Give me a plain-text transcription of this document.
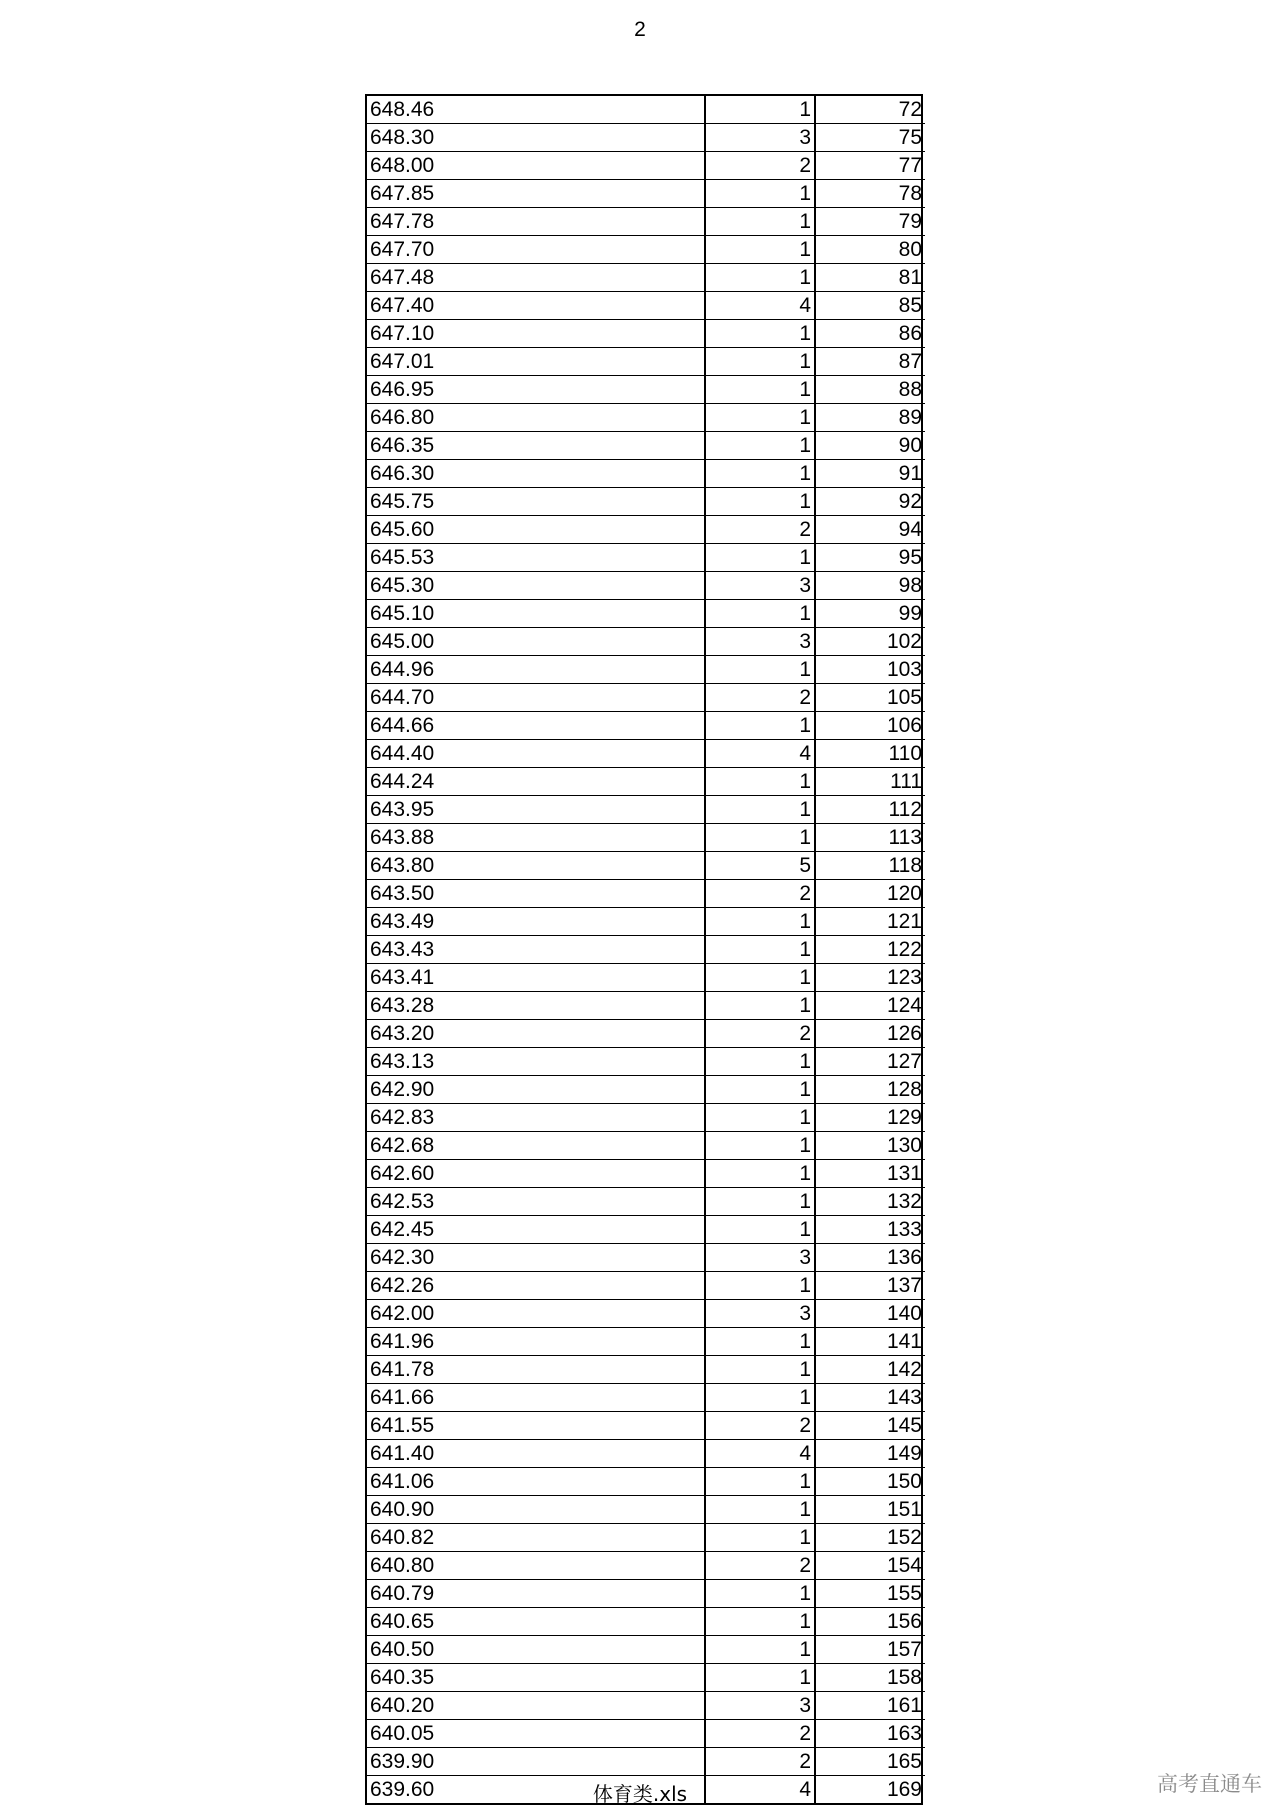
2
648.46	1	72
648.30	3	75
648.00	2	77
647.85	1	78
647.78	1	79
647.70	1	80
647.48	1	81
647.40	4	85
647.10	1	86
647.01	1	87
646.95	1	88
646.80	1	89
646.35	1	90
646.30	1	91
645.75	1	92
645.60	2	94
645.53	1	95
645.30	3	98
645.10	1	99
645.00	3	102
644.96	1	103
644.70	2	105
644.66	1	106
644.40	4	110
644.24	1	111
643.95	1	112
643.88	1	113
643.80	5	118
643.50	2	120
643.49	1	121
643.43	1	122
643.41	1	123
643.28	1	124
643.20	2	126
643.13	1	127
642.90	1	128
642.83	1	129
642.68	1	130
642.60	1	131
642.53	1	132
642.45	1	133
642.30	3	136
642.26	1	137
642.00	3	140
641.96	1	141
641.78	1	142
641.66	1	143
641.55	2	145
641.40	4	149
641.06	1	150
640.90	1	151
640.82	1	152
640.80	2	154
640.79	1	155
640.65	1	156
640.50	1	157
640.35	1	158
640.20	3	161
640.05	2	163
639.90	2	165
639.60	4	169
体育类.xls	高考直通车
